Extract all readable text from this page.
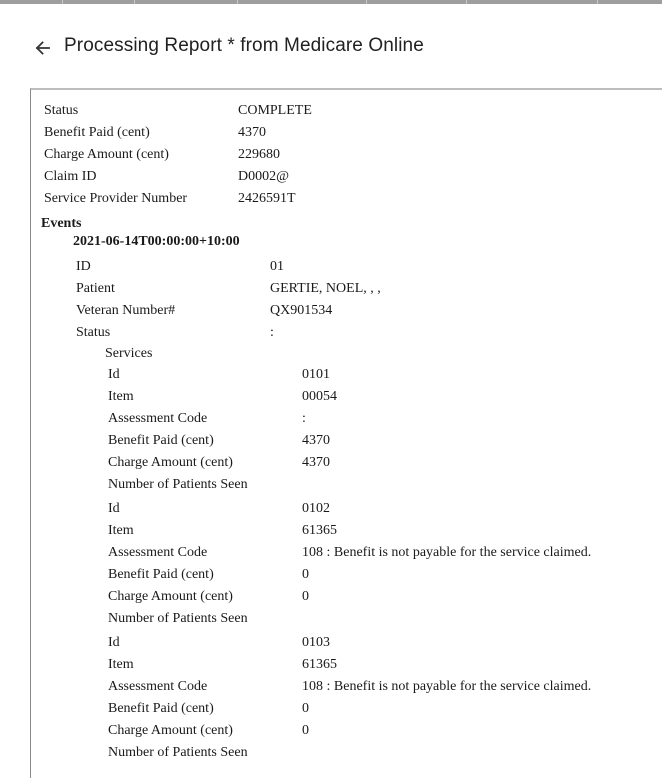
Processing Report * from Medicare Online
Status	COMPLETE
Benefit Paid (cent)	4370
Charge Amount (cent)	229680
Claim ID	D0002@
Service Provider Number	2426591T
Events
2021-06-14T00:00:00+10:00
ID	01
Patient	GERTIE, NOEL, , ,
Veteran Number#	QX901534
Status	:
Services
Id	0101
Item	00054
Assessment Code	:
Benefit Paid (cent)	4370
Charge Amount (cent)	4370
Number of Patients Seen
Id	0102
Item	61365
Assessment Code	108 : Benefit is not payable for the service claimed.
Benefit Paid (cent)	0
Charge Amount (cent)	0
Number of Patients Seen
Id	0103
Item	61365
Assessment Code	108 : Benefit is not payable for the service claimed.
Benefit Paid (cent)	0
Charge Amount (cent)	0
Number of Patients Seen
